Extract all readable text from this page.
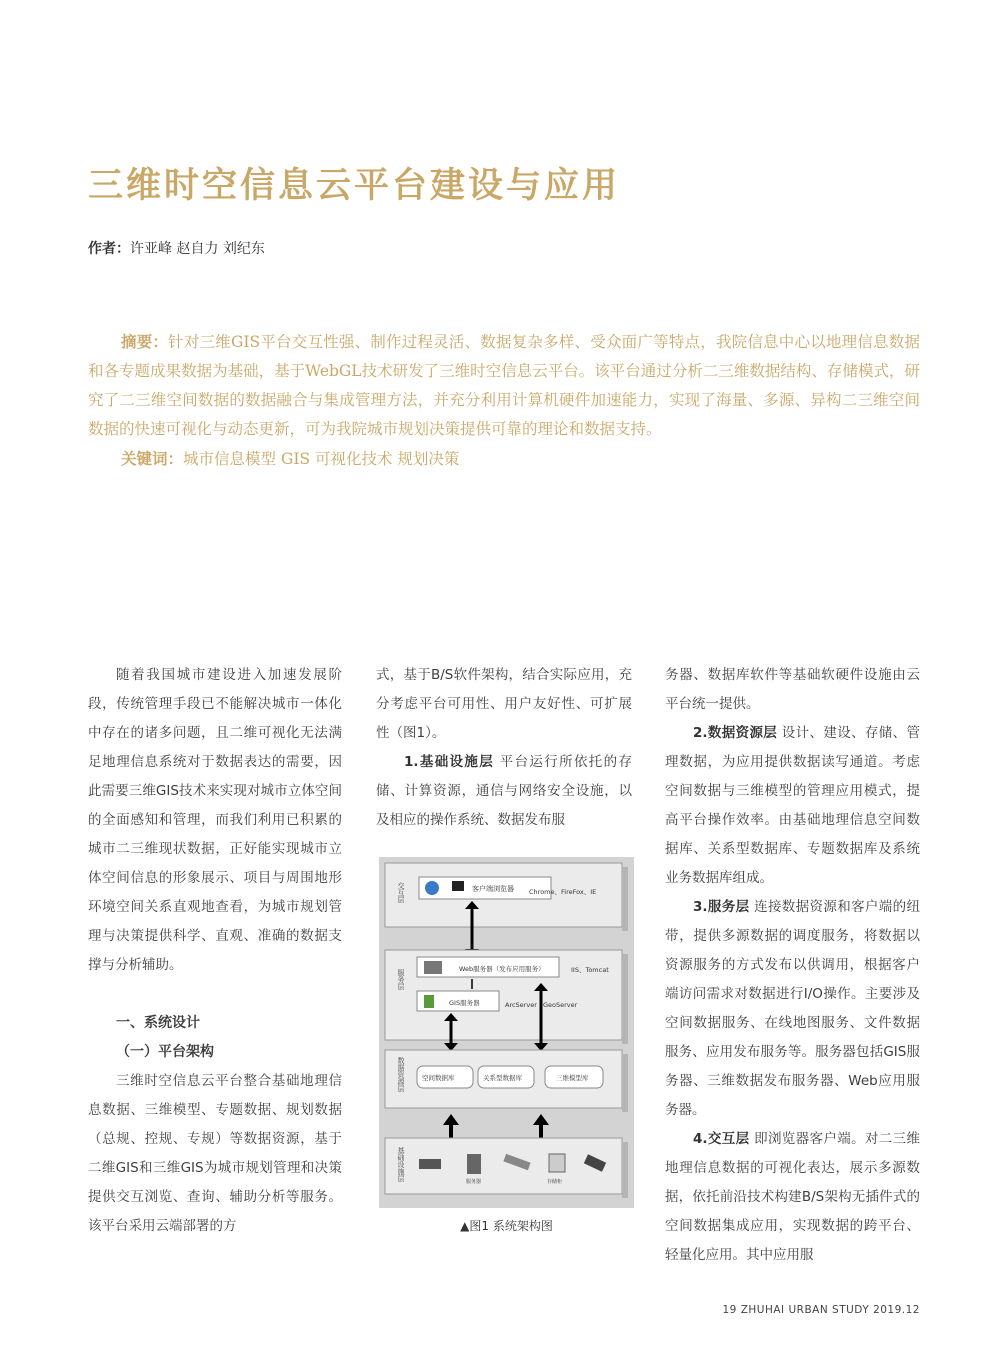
三维时空信息云平台建设与应用
作者：许亚峰 赵自力 刘纪东

摘要：针对三维GIS平台交互性强、制作过程灵活、数据复杂多样、受众面广等特点，我院信息中心以地理信息数据和各专题成果数据为基础，基于WebGL技术研发了三维时空信息云平台。该平台通过分析二三维数据结构、存储模式，研究了二三维空间数据的数据融合与集成管理方法，并充分利用计算机硬件加速能力，实现了海量、多源、异构二三维空间数据的快速可视化与动态更新，可为我院城市规划决策提供可靠的理论和数据支持。

关键词：城市信息模型 GIS 可视化技术 规划决策

随着我国城市建设进入加速发展阶段，传统管理手段已不能解决城市一体化中存在的诸多问题，且二维可视化无法满足地理信息系统对于数据表达的需要，因此需要三维GIS技术来实现对城市立体空间的全面感知和管理，而我们利用已积累的城市二三维现状数据，正好能实现城市立体空间信息的形象展示、项目与周围地形环境空间关系直观地查看，为城市规划管理与决策提供科学、直观、准确的数据支撑与分析辅助。

一、系统设计
（一）平台架构

三维时空信息云平台整合基础地理信息数据、三维模型、专题数据、规划数据（总规、控规、专规）等数据资源，基于二维GIS和三维GIS为城市规划管理和决策提供交互浏览、查询、辅助分析等服务。该平台采用云端部署的方

式，基于B/S软件架构，结合实际应用，充分考虑平台可用性、用户友好性、可扩展性（图1）。

1.基础设施层 平台运行所依托的存储、计算资源，通信与网络安全设施，以及相应的操作系统、数据发布服

交互层	客户端浏览器 Chrome、FireFox、IE
服务层	Web服务器（发布应用服务）	IIS、Tomcat
GIS服务器	ArcServer GeoServer
数据资源层	空间数据库	关系型数据库	三维模型库
基础设施层	服务器	存储柜
▲图1 系统架构图

务器、数据库软件等基础软硬件设施由云平台统一提供。

2.数据资源层 设计、建设、存储、管理数据，为应用提供数据读写通道。考虑空间数据与三维模型的管理应用模式，提高平台操作效率。由基础地理信息空间数据库、关系型数据库、专题数据库及系统业务数据库组成。

3.服务层 连接数据资源和客户端的纽带，提供多源数据的调度服务，将数据以资源服务的方式发布以供调用，根据客户端访问需求对数据进行I/O操作。主要涉及空间数据服务、在线地图服务、文件数据服务、应用发布服务等。服务器包括GIS服务器、三维数据发布服务器、Web应用服务器。

4.交互层 即浏览器客户端。对二三维地理信息数据的可视化表达，展示多源数据，依托前沿技术构建B/S架构无插件式的空间数据集成应用，实现数据的跨平台、轻量化应用。其中应用服

19 ZHUHAI URBAN STUDY 2019.12
